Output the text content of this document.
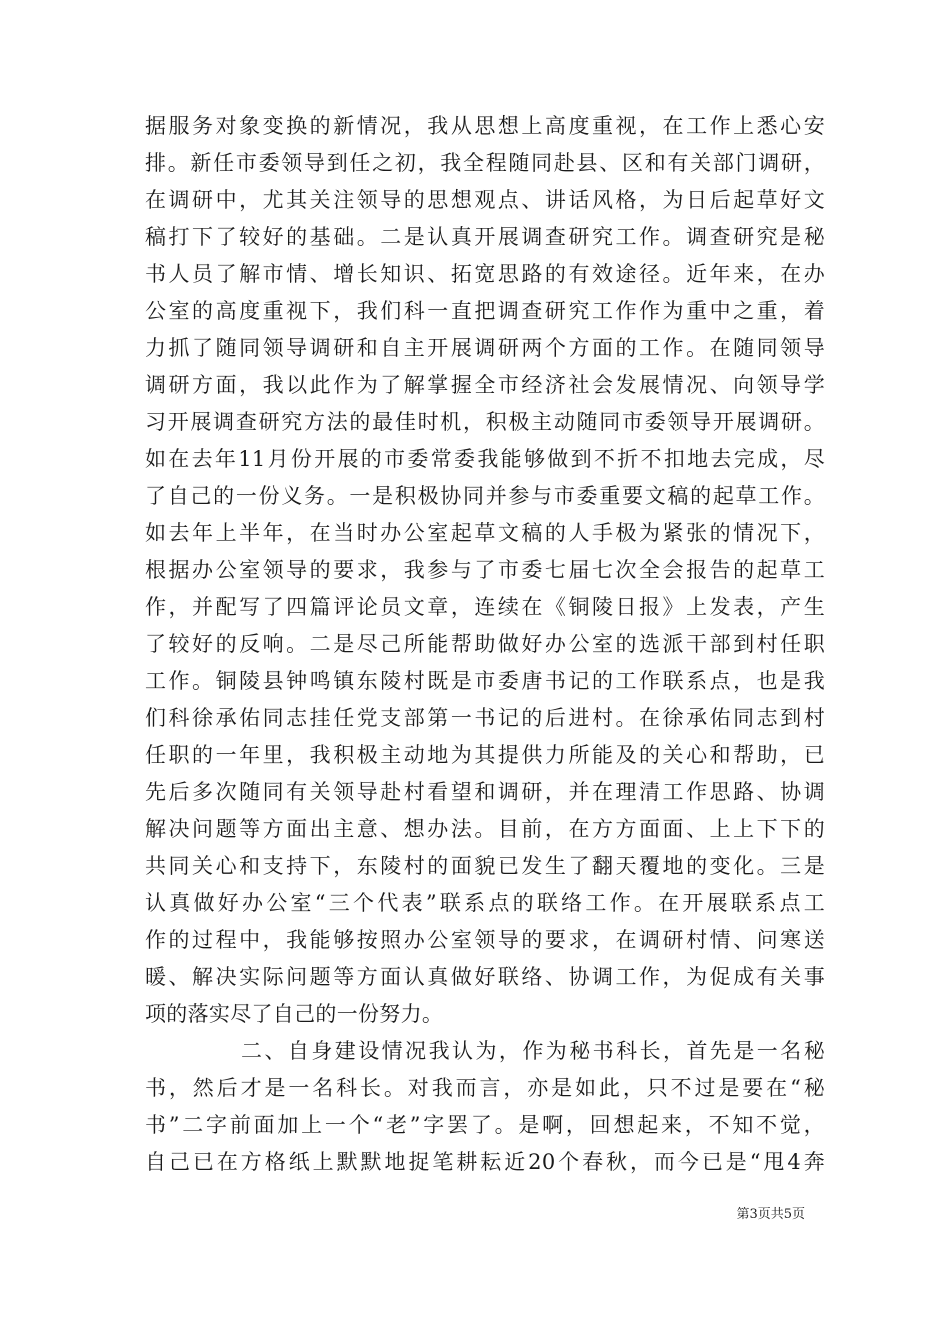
据服务对象变换的新情况，我从思想上高度重视，在工作上悉心安
排。新任市委领导到任之初，我全程随同赴县、区和有关部门调研，
在调研中，尤其关注领导的思想观点、讲话风格，为日后起草好文
稿打下了较好的基础。二是认真开展调查研究工作。调查研究是秘
书人员了解市情、增长知识、拓宽思路的有效途径。近年来，在办
公室的高度重视下，我们科一直把调查研究工作作为重中之重，着
力抓了随同领导调研和自主开展调研两个方面的工作。在随同领导
调研方面，我以此作为了解掌握全市经济社会发展情况、向领导学
习开展调查研究方法的最佳时机，积极主动随同市委领导开展调研。
如在去年11月份开展的市委常委我能够做到不折不扣地去完成，尽
了自己的一份义务。一是积极协同并参与市委重要文稿的起草工作。
如去年上半年，在当时办公室起草文稿的人手极为紧张的情况下，
根据办公室领导的要求，我参与了市委七届七次全会报告的起草工
作，并配写了四篇评论员文章，连续在《铜陵日报》上发表，产生
了较好的反响。二是尽己所能帮助做好办公室的选派干部到村任职
工作。铜陵县钟鸣镇东陵村既是市委唐书记的工作联系点，也是我
们科徐承佑同志挂任党支部第一书记的后进村。在徐承佑同志到村
任职的一年里，我积极主动地为其提供力所能及的关心和帮助，已
先后多次随同有关领导赴村看望和调研，并在理清工作思路、协调
解决问题等方面出主意、想办法。目前，在方方面面、上上下下的
共同关心和支持下，东陵村的面貌已发生了翻天覆地的变化。三是
认真做好办公室“三个代表”联系点的联络工作。在开展联系点工
作的过程中，我能够按照办公室领导的要求，在调研村情、问寒送
暖、解决实际问题等方面认真做好联络、协调工作，为促成有关事
项的落实尽了自己的一份努力。
二、自身建设情况我认为，作为秘书科长，首先是一名秘
书，然后才是一名科长。对我而言，亦是如此，只不过是要在“秘
书”二字前面加上一个“老”字罢了。是啊，回想起来，不知不觉，
自己已在方格纸上默默地捉笔耕耘近20个春秋，而今已是“甩4奔
第3页共5页
